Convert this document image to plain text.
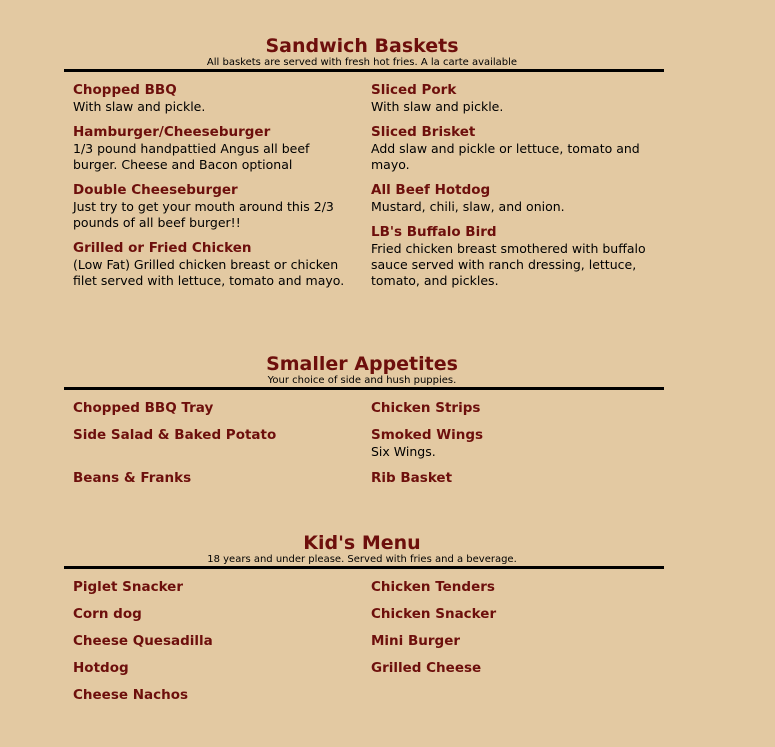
Sandwich Baskets
All baskets are served with fresh hot fries. A la carte available
Chopped BBQ
With slaw and pickle.
Hamburger/Cheeseburger
1/3 pound handpattied Angus all beef burger. Cheese and Bacon optional
Double Cheeseburger
Just try to get your mouth around this 2/3 pounds of all beef burger!!
Grilled or Fried Chicken
(Low Fat) Grilled chicken breast or chicken filet served with lettuce, tomato and mayo.
Sliced Pork
With slaw and pickle.
Sliced Brisket
Add slaw and pickle or lettuce, tomato and mayo.
All Beef Hotdog
Mustard, chili, slaw, and onion.
LB's Buffalo Bird
Fried chicken breast smothered with buffalo sauce served with ranch dressing, lettuce, tomato, and pickles.
Smaller Appetites
Your choice of side and hush puppies.
Chopped BBQ Tray
Side Salad & Baked Potato
Beans & Franks
Chicken Strips
Smoked Wings
Six Wings.
Rib Basket
Kid's Menu
18 years and under please. Served with fries and a beverage.
Piglet Snacker
Corn dog
Cheese Quesadilla
Hotdog
Cheese Nachos
Chicken Tenders
Chicken Snacker
Mini Burger
Grilled Cheese
